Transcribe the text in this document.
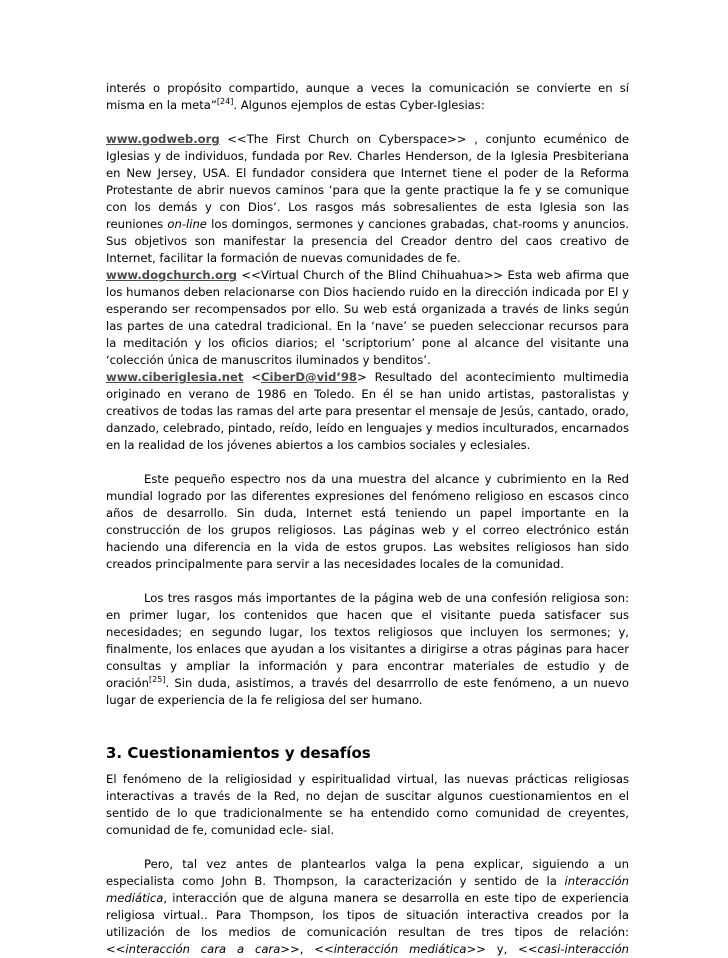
interés o propósito compartido, aunque a veces la comunicación se convierte en sí misma en la meta”[24]. Algunos ejemplos de estas Cyber-Iglesias:

www.godweb.org <<The First Church on Cyberspace>> , conjunto ecuménico de Iglesias y de individuos, fundada por Rev. Charles Henderson, de la Iglesia Presbiteriana en New Jersey, USA. El fundador considera que Internet tiene el poder de la Reforma Protestante de abrir nuevos caminos ‘para que la gente practique la fe y se comunique con los demás y con Dios’. Los rasgos más sobresalientes de esta Iglesia son las reuniones on-line los domingos, sermones y canciones grabadas, chat-rooms y anuncios. Sus objetivos son manifestar la presencia del Creador dentro del caos creativo de Internet, facilitar la formación de nuevas comunidades de fe.

www.dogchurch.org <<Virtual Church of the Blind Chihuahua>> Esta web afirma que los humanos deben relacionarse con Dios haciendo ruido en la dirección indicada por El y esperando ser recompensados por ello. Su web está organizada a través de links según las partes de una catedral tradicional. En la ‘nave’ se pueden seleccionar recursos para la meditación y los oficios diarios; el ‘scriptorium’ pone al alcance del visitante una ‘colección única de manuscritos iluminados y benditos’.

www.ciberiglesia.net <CiberD@vid’98> Resultado del acontecimiento multimedia originado en verano de 1986 en Toledo. En él se han unido artistas, pastoralistas y creativos de todas las ramas del arte para presentar el mensaje de Jesús, cantado, orado, danzado, celebrado, pintado, reído, leído en lenguajes y medios inculturados, encarnados en la realidad de los jóvenes abiertos a los cambios sociales y eclesiales.

Este pequeño espectro nos da una muestra del alcance y cubrimiento en la Red mundial logrado por las diferentes expresiones del fenómeno religioso en escasos cinco años de desarrollo. Sin duda, Internet está teniendo un papel importante en la construcción de los grupos religiosos. Las páginas web y el correo electrónico están haciendo una diferencia en la vida de estos grupos. Las websites religiosos han sido creados principalmente para servir a las necesidades locales de la comunidad.

Los tres rasgos más importantes de la página web de una confesión religiosa son: en primer lugar, los contenidos que hacen que el visitante pueda satisfacer sus necesidades; en segundo lugar, los textos religiosos que incluyen los sermones; y, finalmente, los enlaces que ayudan a los visitantes a dirigirse a otras páginas para hacer consultas y ampliar la información y para encontrar materiales de estudio y de oración[25]. Sin duda, asistimos, a través del desarrrollo de este fenómeno, a un nuevo lugar de experiencia de la fe religiosa del ser humano.

3. Cuestionamientos y desafíos

El fenómeno de la religiosidad y espiritualidad virtual, las nuevas prácticas religiosas interactivas a través de la Red, no dejan de suscitar algunos cuestionamientos en el sentido de lo que tradicionalmente se ha entendido como comunidad de creyentes, comunidad de fe, comunidad ecle- sial.

Pero, tal vez antes de plantearlos valga la pena explicar, siguiendo a un especialista como John B. Thompson, la caracterización y sentido de la interacción mediática, interacción que de alguna manera se desarrolla en este tipo de experiencia religiosa virtual.. Para Thompson, los tipos de situación interactiva creados por la utilización de los medios de comunicación resultan de tres tipos de relación: <<interacción cara a cara>>, <<interacción mediática>> y, <<casi-interacción
